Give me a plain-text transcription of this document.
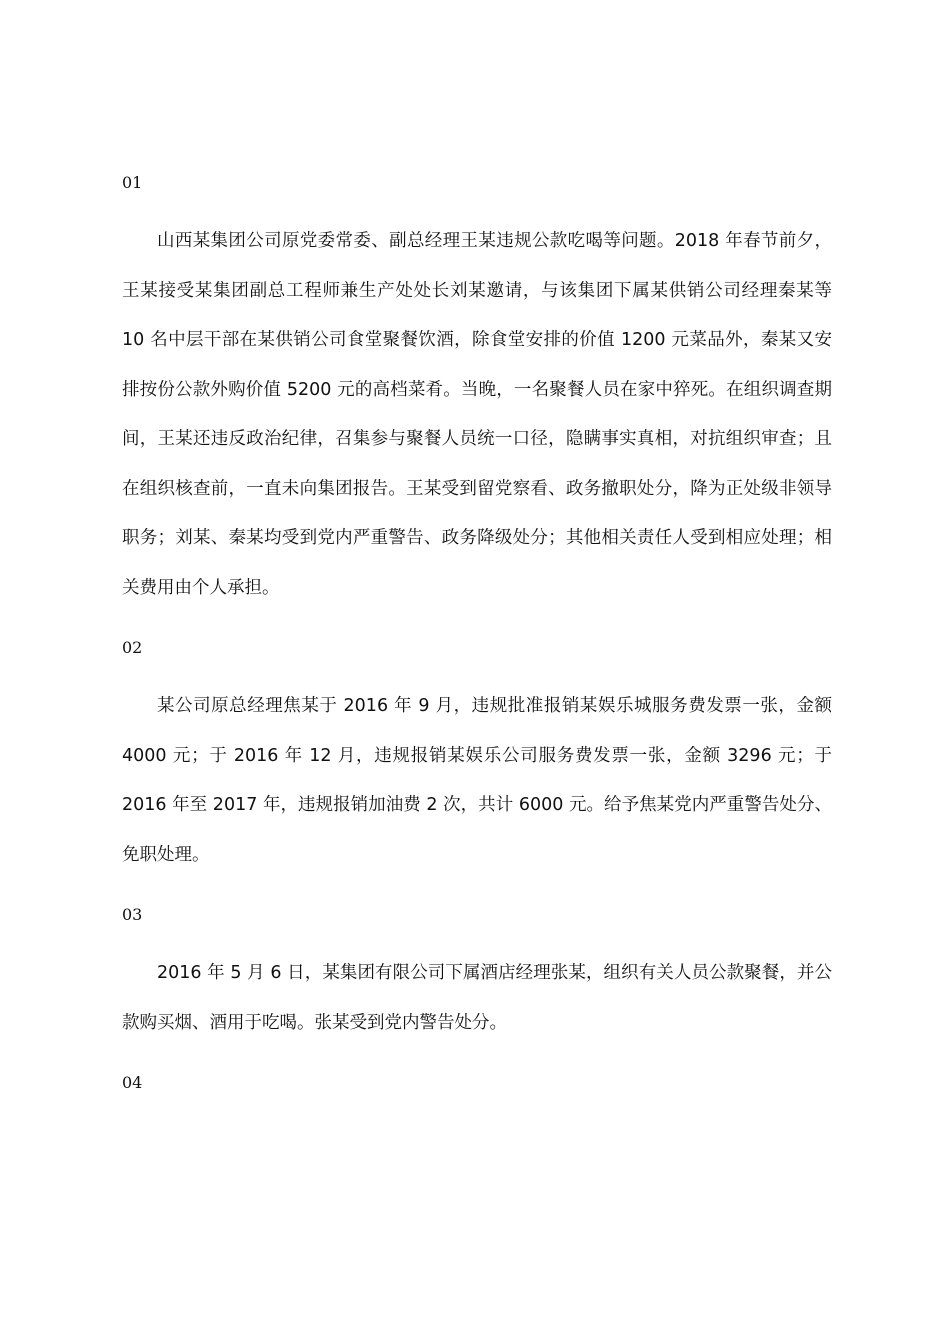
01

山西某集团公司原党委常委、副总经理王某违规公款吃喝等问题。2018 年春节前夕，王某接受某集团副总工程师兼生产处处长刘某邀请，与该集团下属某供销公司经理秦某等 10 名中层干部在某供销公司食堂聚餐饮酒，除食堂安排的价值 1200 元菜品外，秦某又安排按份公款外购价值 5200 元的高档菜肴。当晚，一名聚餐人员在家中猝死。在组织调查期间，王某还违反政治纪律，召集参与聚餐人员统一口径，隐瞒事实真相，对抗组织审查；且在组织核查前，一直未向集团报告。王某受到留党察看、政务撤职处分，降为正处级非领导职务；刘某、秦某均受到党内严重警告、政务降级处分；其他相关责任人受到相应处理；相关费用由个人承担。

02

某公司原总经理焦某于 2016 年 9 月，违规批准报销某娱乐城服务费发票一张，金额 4000 元；于 2016 年 12 月，违规报销某娱乐公司服务费发票一张，金额 3296 元；于 2016 年至 2017 年，违规报销加油费 2 次，共计 6000 元。给予焦某党内严重警告处分、免职处理。

03

2016 年 5 月 6 日，某集团有限公司下属酒店经理张某，组织有关人员公款聚餐，并公款购买烟、酒用于吃喝。张某受到党内警告处分。

04
